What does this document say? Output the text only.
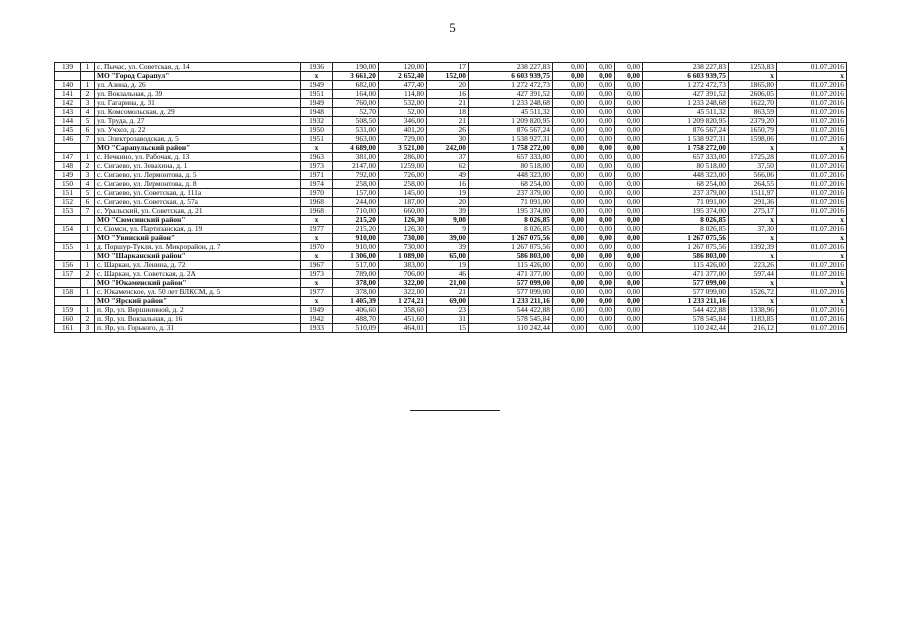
5
139	1	с. Пычас, ул. Советская, д. 14	1936	190,00	120,00	17	238 227,83	0,00	0,00	0,00	238 227,83	1253,83	01.07.2016
		МО "Город Сарапул"	x	3 661,20	2 652,40	152,00	6 603 939,75	0,00	0,00	0,00	6 603 939,75	x	x
140	1	ул. Азина, д. 26	1949	682,00	477,40	20	1 272 472,73	0,00	0,00	0,00	1 272 472,73	1865,80	01.07.2016
141	2	ул. Вокзальная, д. 39	1951	164,00	114,80	16	427 391,52	0,00	0,00	0,00	427 391,52	2606,05	01.07.2016
142	3	ул. Гагарина, д. 31	1949	760,00	532,00	21	1 233 248,68	0,00	0,00	0,00	1 233 248,68	1622,70	01.07.2016
143	4	ул. Комсомольская, д. 29	1948	52,70	52,00	18	45 511,32	0,00	0,00	0,00	45 511,32	863,59	01.07.2016
144	5	ул. Труда, д. 27	1932	508,50	346,00	21	1 209 820,95	0,00	0,00	0,00	1 209 820,95	2379,20	01.07.2016
145	6	ул. Учхоз, д. 22	1950	531,00	401,20	26	876 567,24	0,00	0,00	0,00	876 567,24	1650,79	01.07.2016
146	7	ул. Электрозаводская, д. 5	1951	963,00	729,00	30	1 538 927,31	0,00	0,00	0,00	1 538 927,31	1598,06	01.07.2016
		МО "Сарапульский район"	x	4 689,00	3 521,00	242,00	1 758 272,00	0,00	0,00	0,00	1 758 272,00	x	x
147	1	с. Нечкино, ул. Рабочая, д. 13	1963	381,00	286,00	37	657 333,00	0,00	0,00	0,00	657 333,00	1725,28	01.07.2016
148	2	с. Сигаево, ул. Зевахина, д. 1	1973	2147,00	1259,00	62	80 518,00	0,00	0,00	0,00	80 518,00	37,50	01.07.2016
149	3	с. Сигаево, ул. Лермонтова, д. 5	1971	792,00	726,00	49	448 323,00	0,00	0,00	0,00	448 323,00	566,06	01.07.2016
150	4	с. Сигаево, ул. Лермонтова, д. 8	1974	258,00	258,00	16	68 254,00	0,00	0,00	0,00	68 254,00	264,55	01.07.2016
151	5	с. Сигаево, ул. Советская, д. 111а	1970	157,00	145,00	19	237 379,00	0,00	0,00	0,00	237 379,00	1511,97	01.07.2016
152	6	с. Сигаево, ул. Советская, д. 57а	1968	244,00	187,00	20	71 091,00	0,00	0,00	0,00	71 091,00	291,36	01.07.2016
153	7	с. Уральский, ул. Советская, д. 21	1968	710,00	660,00	39	195 374,00	0,00	0,00	0,00	195 374,00	275,17	01.07.2016
		МО "Сюмсинский район"	x	215,20	126,30	9,00	8 026,85	0,00	0,00	0,00	8 026,85	x	x
154	1	с. Сюмси, ул. Партизанская, д. 19	1977	215,20	126,30	9	8 026,85	0,00	0,00	0,00	8 026,85	37,30	01.07.2016
		МО "Увинский район"	x	910,00	730,00	39,00	1 267 075,56	0,00	0,00	0,00	1 267 075,56	x	x
155	1	д. Поршур-Тукля, ул. Микрорайон, д. 7	1970	910,00	730,00	39	1 267 075,56	0,00	0,00	0,00	1 267 075,56	1392,39	01.07.2016
		МО "Шарканский район"	x	1 306,00	1 089,00	65,00	586 803,00	0,00	0,00	0,00	586 803,00	x	x
156	1	с. Шаркан, ул. Ленина, д. 72	1967	517,00	383,00	19	115 426,00	0,00	0,00	0,00	115 426,00	223,26	01.07.2016
157	2	с. Шаркан, ул. Советская, д. 2А	1973	789,00	706,00	46	471 377,00	0,00	0,00	0,00	471 377,00	597,44	01.07.2016
		МО "Юкаменский район"	x	378,00	322,00	21,00	577 099,00	0,00	0,00	0,00	577 099,00	x	x
158	1	с. Юкаменское, ул. 50 лет ВЛКСМ, д. 5	1977	378,00	322,00	21	577 099,00	0,00	0,00	0,00	577 099,00	1526,72	01.07.2016
		МО "Ярский район"	x	1 405,39	1 274,21	69,00	1 233 211,16	0,00	0,00	0,00	1 233 211,16	x	x
159	1	п. Яр, ул. Вершининой, д. 2	1949	406,60	358,60	23	544 422,88	0,00	0,00	0,00	544 422,88	1338,96	01.07.2016
160	2	п. Яр, ул. Вокзальная, д. 16	1942	488,70	451,60	31	578 545,84	0,00	0,00	0,00	578 545,84	1183,85	01.07.2016
161	3	п. Яр, ул. Горького, д. 31	1933	510,09	464,01	15	110 242,44	0,00	0,00	0,00	110 242,44	216,12	01.07.2016
